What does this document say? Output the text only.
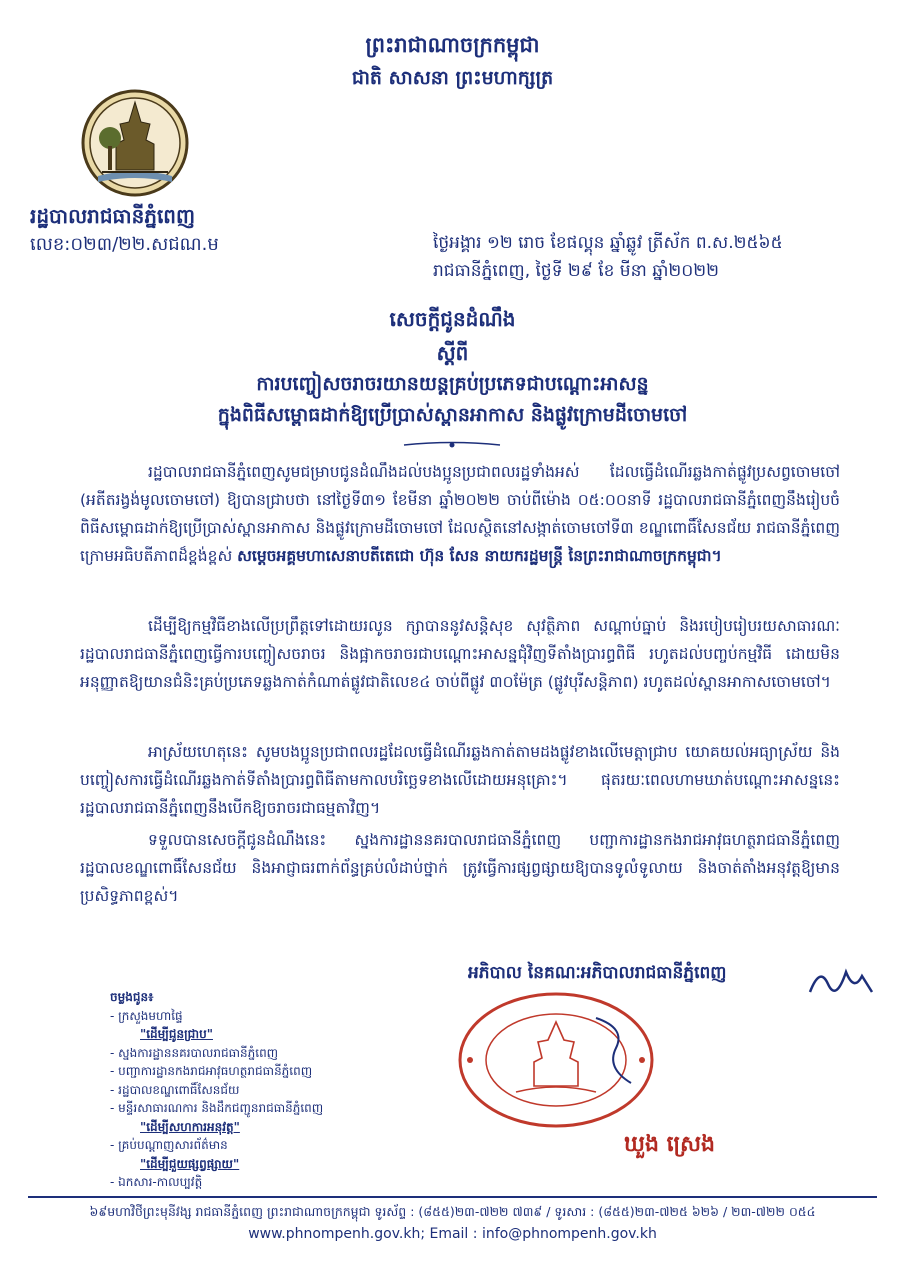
ព្រះរាជាណាចក្រកម្ពុជា
ជាតិ សាសនា ព្រះមហាក្សត្រ
រដ្ឋបាលរាជធានីភ្នំពេញ
លេខ:០២៣/២២.សជណ.ម	ថ្ងៃអង្គារ ១២ រោច ខែផល្គុន ឆ្នាំឆ្លូវ ត្រីស័ក ព.ស.២៥៦៥
រាជធានីភ្នំពេញ, ថ្ងៃទី ២៩ ខែ មីនា ឆ្នាំ២០២២
សេចក្តីជូនដំណឹង
ស្តីពី
ការបញ្ចៀសចរាចរយានយន្តគ្រប់ប្រភេទជាបណ្តោះអាសន្ន
ក្នុងពិធីសម្ពោធដាក់ឱ្យប្រើប្រាស់ស្ពានអាកាស និងផ្លូវក្រោមដីចោមចៅ
រដ្ឋបាលរាជធានីភ្នំពេញសូមជម្រាបជូនដំណឹងដល់បងប្អូនប្រជាពលរដ្ឋទាំងអស់ ដែលធ្វើដំណើរឆ្លងកាត់ផ្លូវប្រសព្វចោមចៅ (អតីតរង្វង់មូលចោមចៅ) ឱ្យបានជ្រាបថា នៅថ្ងៃទី៣១ ខែមីនា ឆ្នាំ២០២២ ចាប់ពីម៉ោង ០៥:០០នាទី រដ្ឋបាលរាជធានីភ្នំពេញនឹងរៀបចំពិធីសម្ពោធដាក់ឱ្យប្រើប្រាស់ស្ពានអាកាស និងផ្លូវក្រោមដីចោមចៅ ដែលស្ថិតនៅសង្កាត់ចោមចៅទី៣ ខណ្ឌពោធិ៍សែនជ័យ រាជធានីភ្នំពេញ ក្រោមអធិបតីភាពដ៏ខ្ពង់ខ្ពស់ សម្តេចអគ្គមហាសេនាបតីតេជោ ហ៊ុន សែន នាយករដ្ឋមន្ត្រី នៃព្រះរាជាណាចក្រកម្ពុជា។
ដើម្បីឱ្យកម្មវិធីខាងលើប្រព្រឹត្តទៅដោយរលូន ក្សាបាននូវសន្តិសុខ សុវត្ថិភាព សណ្តាប់ធ្នាប់ និងរបៀបរៀបរយសាធារណៈ រដ្ឋបាលរាជធានីភ្នំពេញធ្វើការបញ្ចៀសចរាចរ និងផ្អាកចរាចរជាបណ្តោះអាសន្នជុំវិញទីតាំងប្រារព្ធពិធី រហូតដល់បញ្ចប់កម្មវិធី ដោយមិនអនុញ្ញាតឱ្យយានជំនិះគ្រប់ប្រភេទឆ្លងកាត់កំណាត់ផ្លូវជាតិលេខ៤ ចាប់ពីផ្លូវ ៣០ម៉ែត្រ (ផ្លូវបុរីសន្តិភាព) រហូតដល់ស្ពានអាកាសចោមចៅ។
អាស្រ័យហេតុនេះ សូមបងប្អូនប្រជាពលរដ្ឋដែលធ្វើដំណើរឆ្លងកាត់តាមដងផ្លូវខាងលើមេត្តាជ្រាប យោគយល់អធ្យាស្រ័យ និងបញ្ចៀសការធ្វើដំណើរឆ្លងកាត់ទីតាំងប្រារព្ធពិធីតាមកាលបរិច្ឆេទខាងលើដោយអនុគ្រោះ។ ផុតរយៈពេលហាមឃាត់បណ្តោះអាសន្ននេះ រដ្ឋបាលរាជធានីភ្នំពេញនឹងបើកឱ្យចរាចរជាធម្មតាវិញ។
ទទួលបានសេចក្តីជូនដំណឹងនេះ ស្នងការដ្ឋាននគរបាលរាជធានីភ្នំពេញ បញ្ជាការដ្ឋានកងរាជអាវុធហត្ថរាជធានីភ្នំពេញ រដ្ឋបាលខណ្ឌពោធិ៍សែនជ័យ និងអាជ្ញាធរពាក់ព័ន្ធគ្រប់លំដាប់ថ្នាក់ ត្រូវធ្វើការផ្សព្វផ្សាយឱ្យបានទូលំទូលាយ និងចាត់តាំងអនុវត្តឱ្យមានប្រសិទ្ធភាពខ្ពស់។
អភិបាល នៃគណៈអភិបាលរាជធានីភ្នំពេញ
ឃួង ស្រេង
ចម្លងជូន៖
- ក្រសួងមហាផ្ទៃ
"ដើម្បីជូនជ្រាប"
- ស្នងការដ្ឋាននគរបាលរាជធានីភ្នំពេញ
- បញ្ជាការដ្ឋានកងរាជអាវុធហត្ថរាជធានីភ្នំពេញ
- រដ្ឋបាលខណ្ឌពោធិ៍សែនជ័យ
- មន្ទីរសាធារណការ និងដឹកជញ្ជូនរាជធានីភ្នំពេញ
"ដើម្បីសហការអនុវត្ត"
- គ្រប់បណ្តាញសារព័ត៌មាន
"ដើម្បីជួយផ្សព្វផ្សាយ"
- ឯកសារ-កាលប្បវត្តិ
៦៩មហាវិថីព្រះមុនីវង្ស រាជធានីភ្នំពេញ ព្រះរាជាណាចក្រកម្ពុជា ទូរស័ព្ទ : (៨៥៥)២៣-៧២២ ៧៣៩ / ទូរសារ : (៨៥៥)២៣-៧២៥ ៦២៦ / ២៣-៧២២ ០៥៤
www.phnompenh.gov.kh; Email : info@phnompenh.gov.kh
